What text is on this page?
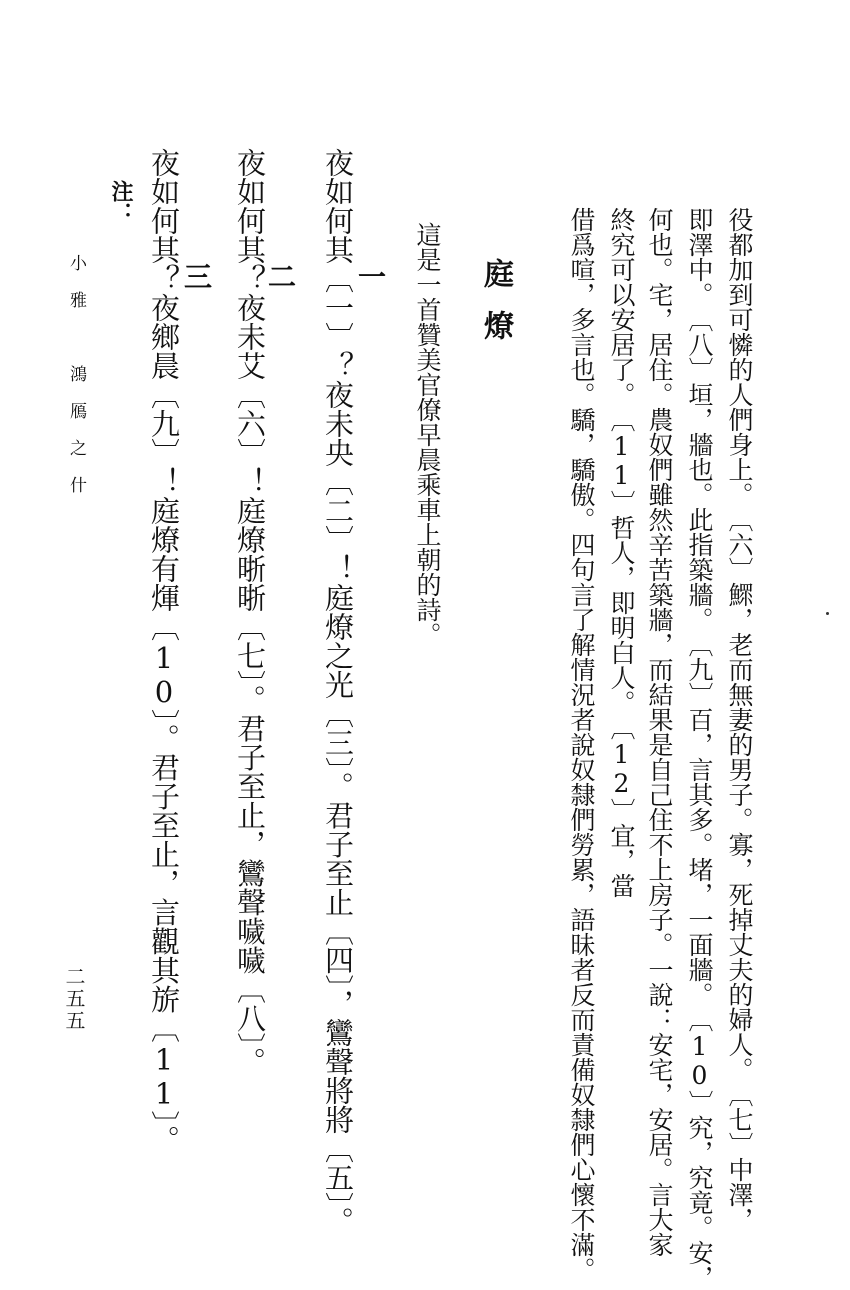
役都加到可憐的人們身上。　〔六〕鰥，老而無妻的男子。寡，死掉丈夫的婦人。　〔七〕中澤，
即澤中。　〔八〕垣，牆也。此指築牆。　〔九〕百，言其多。堵，一面牆。　〔10〕究，究竟。安，
何也。宅，居住。農奴們雖然辛苦築牆，而結果是自己住不上房子。一說：安宅，安居。言大家
終究可以安居了。　〔11〕哲人，即明白人。　〔12〕宜，當
借爲喧，多言也。驕，驕傲。四句言了解情況者說奴隸們勞累，語昧者反而責備奴隸們心懷不滿。
庭燎
這是一首贊美官僚早晨乘車上朝的詩。
一
夜如何其〔一〕？夜未央〔二〕！庭燎之光〔三〕。君子至止〔四〕，鸞聲將將〔五〕。
二
夜如何其？夜未艾〔六〕！庭燎晣晣〔七〕。君子至止，鸞聲噦噦〔八〕。
三
夜如何其？夜鄉晨〔九〕！庭燎有煇〔10〕。君子至止，言觀其旂〔11〕。
注：
小雅　鴻鴈之什
二五五
